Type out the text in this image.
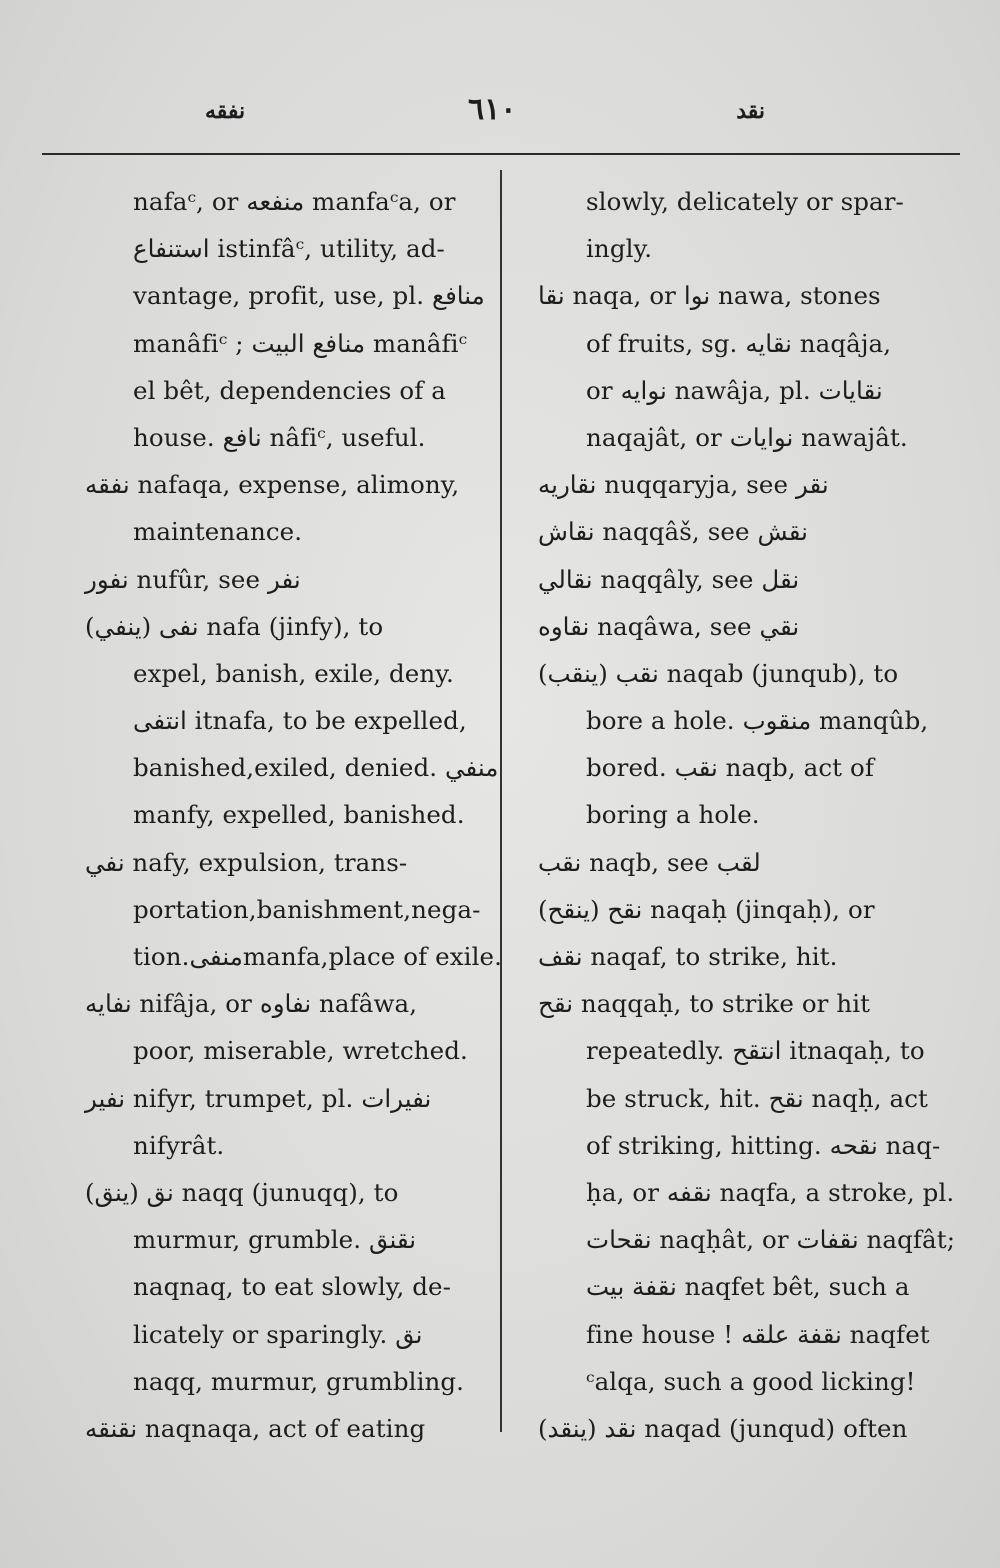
نفقه	٦١٠	نقد
nafaᶜ, or منفعه manfaᶜa, or
استنفاع istinfâᶜ, utility, ad-
vantage, profit, use, pl. منافع
manâfiᶜ ; منافع البيت manâfiᶜ
el bêt, dependencies of a
house. نافع nâfiᶜ, useful.
نفقه nafaqa, expense, alimony,
maintenance.
نفور nufûr, see نفر
نفى (ينفي) nafa (jinfy), to
expel, banish, exile, deny.
انتفى itnafa, to be expelled,
banished,exiled, denied. منفي
manfy, expelled, banished.
نفي nafy, expulsion, trans-
portation,banishment,nega-
tion.منفىmanfa,place of exile.
نفايه nifâja, or نفاوه nafâwa,
poor, miserable, wretched.
نفير nifyr, trumpet, pl. نفيرات
nifyrât.
نق (ينق) naqq (junuqq), to
murmur, grumble. نقنق
naqnaq, to eat slowly, de-
licately or sparingly. نق
naqq, murmur, grumbling.
نقنقه naqnaqa, act of eating
slowly, delicately or spar-
ingly.
نقا naqa, or نوا nawa, stones
of fruits, sg. نقايه naqâja,
or نوايه nawâja, pl. نقايات
naqajât, or نوايات nawajât.
نقاريه nuqqaryja, see نقر
نقاش naqqâš, see نقش
نقالي naqqâly, see نقل
نقاوه naqâwa, see نقي
نقب (ينقب) naqab (junqub), to
bore a hole. منقوب manqûb,
bored. نقب naqb, act of
boring a hole.
نقب naqb, see لقب
نقح (ينقح) naqaḥ (jinqaḥ), or
نقف naqaf, to strike, hit.
نقح naqqaḥ, to strike or hit
repeatedly. انتقح itnaqaḥ, to
be struck, hit. نقح naqḥ, act
of striking, hitting. نقحه naq-
ḥa, or نقفه naqfa, a stroke, pl.
نقحات naqḥât, or نقفات naqfât;
نقفة بيت naqfet bêt, such a
fine house ! نقفة علقه naqfet
ᶜalqa, such a good licking!
نقد (ينقد) naqad (junqud) often
